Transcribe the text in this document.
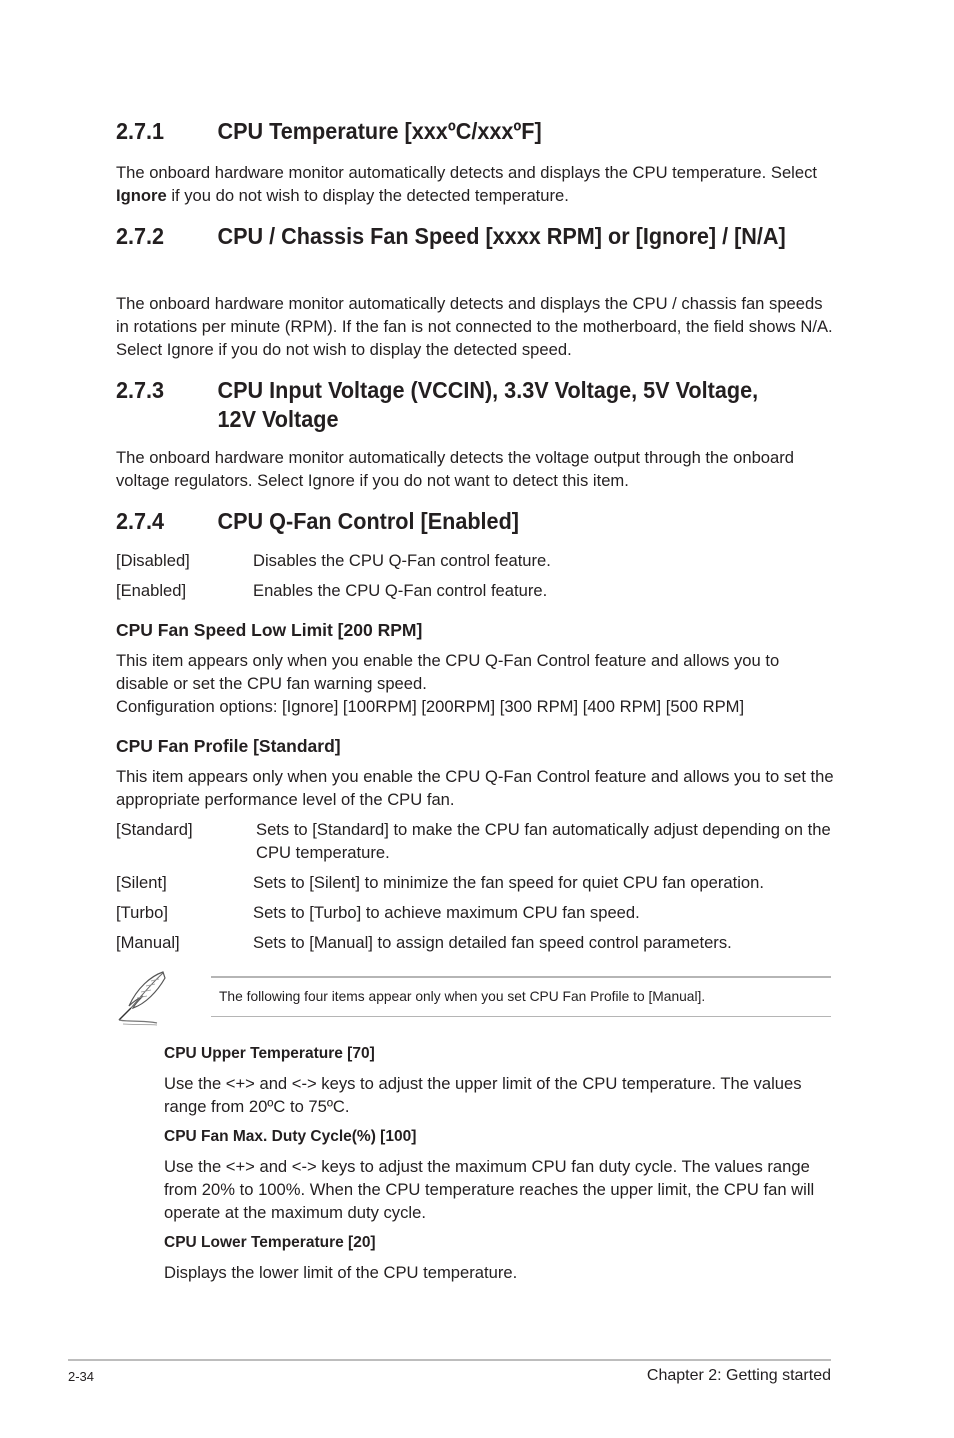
2.7.1 CPU Temperature [xxxºC/xxxºF]
The onboard hardware monitor automatically detects and displays the CPU temperature. Select Ignore if you do not wish to display the detected temperature.
2.7.2 CPU / Chassis Fan Speed [xxxx RPM] or [Ignore] / [N/A]
The onboard hardware monitor automatically detects and displays the CPU / chassis fan speeds in rotations per minute (RPM). If the fan is not connected to the motherboard, the field shows N/A. Select Ignore if you do not wish to display the detected speed.
2.7.3 CPU Input Voltage (VCCIN), 3.3V Voltage, 5V Voltage, 12V Voltage
The onboard hardware monitor automatically detects the voltage output through the onboard voltage regulators. Select Ignore if you do not want to detect this item.
2.7.4 CPU Q-Fan Control [Enabled]
[Disabled]	Disables the CPU Q-Fan control feature.
[Enabled]	Enables the CPU Q-Fan control feature.
CPU Fan Speed Low Limit [200 RPM]
This item appears only when you enable the CPU Q-Fan Control feature and allows you to disable or set the CPU fan warning speed.
Configuration options: [Ignore] [100RPM] [200RPM] [300 RPM] [400 RPM] [500 RPM]
CPU Fan Profile [Standard]
This item appears only when you enable the CPU Q-Fan Control feature and allows you to set the appropriate performance level of the CPU fan.
[Standard]	Sets to [Standard] to make the CPU fan automatically adjust depending on the CPU temperature.
[Silent]	Sets to [Silent] to minimize the fan speed for quiet CPU fan operation.
[Turbo]	Sets to [Turbo] to achieve maximum CPU fan speed.
[Manual]	Sets to [Manual] to assign detailed fan speed control parameters.
The following four items appear only when you set CPU Fan Profile to [Manual].
CPU Upper Temperature [70]
Use the <+> and <-> keys to adjust the upper limit of the CPU temperature. The values range from 20ºC to 75ºC.
CPU Fan Max. Duty Cycle(%) [100]
Use the <+> and <-> keys to adjust the maximum CPU fan duty cycle. The values range from 20% to 100%. When the CPU temperature reaches the upper limit, the CPU fan will operate at the maximum duty cycle.
CPU Lower Temperature [20]
Displays the lower limit of the CPU temperature.
2-34	Chapter 2: Getting started
